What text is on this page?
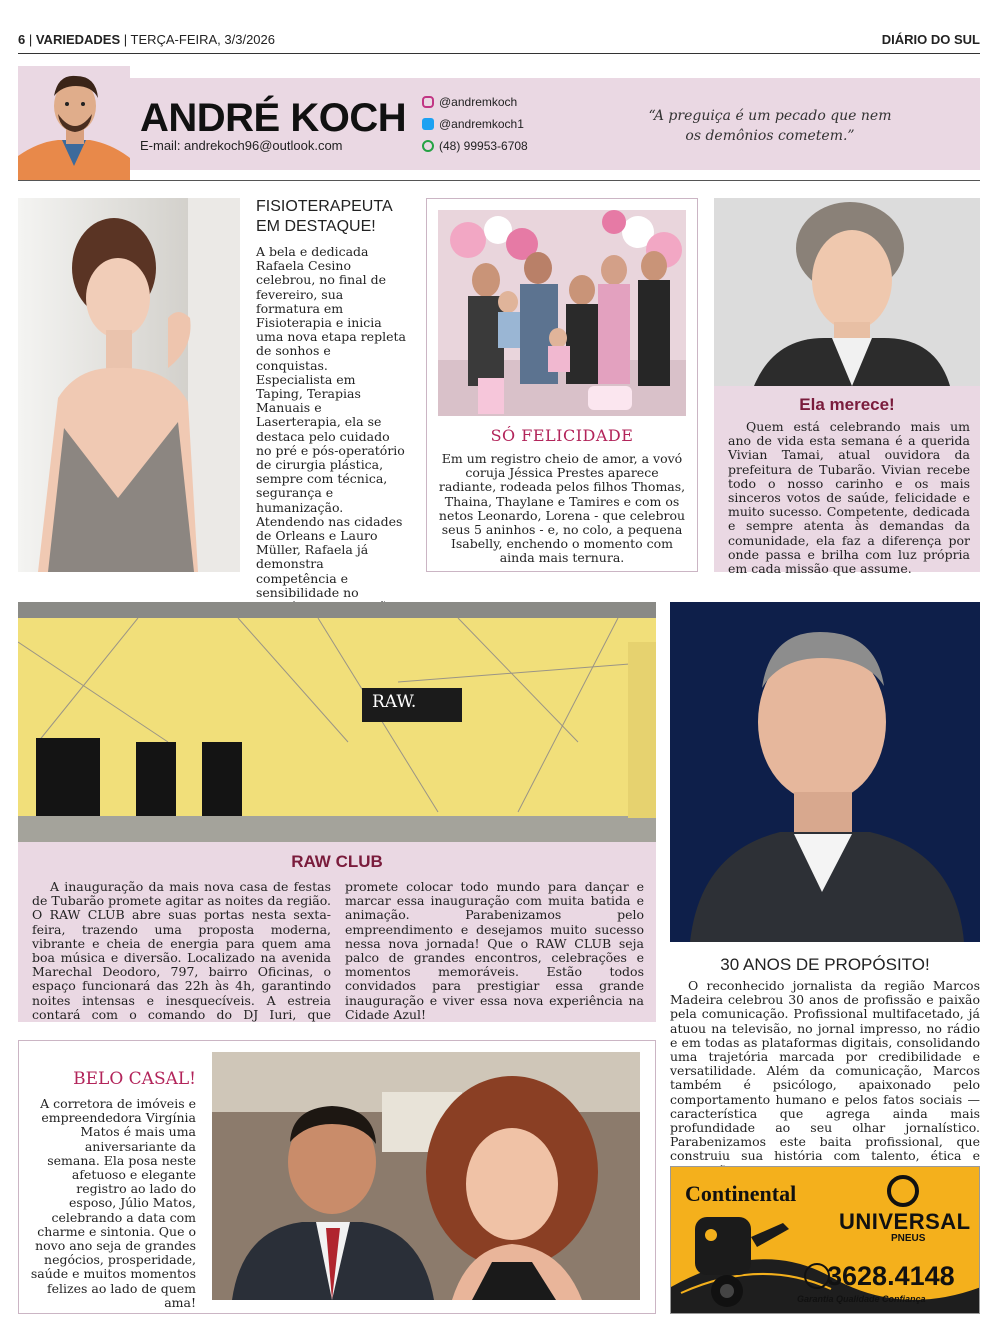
6 | VARIEDADES | TERÇA-FEIRA, 3/3/2026	DIÁRIO DO SUL
ANDRÉ KOCH
E-mail: andrekoch96@outlook.com
@andremkoch
@andremkoch1
(48) 99953-6708
“A preguiça é um pecado que nem os demônios cometem.”
FISIOTERAPEUTA EM DESTAQUE!
A bela e dedicada Rafaela Cesino celebrou, no final de fevereiro, sua formatura em Fisioterapia e inicia uma nova etapa repleta de sonhos e conquistas. Especialista em Taping, Terapias Manuais e Laserterapia, ela se destaca pelo cuidado no pré e pós-operatório de cirurgia plástica, sempre com técnica, segurança e humanização. Atendendo nas cidades de Orleans e Lauro Müller, Rafaela já demonstra competência e sensibilidade no
SÓ FELICIDADE
Em um registro cheio de amor, a vovó coruja Jéssica Prestes aparece radiante, rodeada pelos filhos Thomas, Thaina, Thaylane e Tamires e com os netos Leonardo, Lorena - que celebrou seus 5 aninhos - e, no colo, a pequena Isabelly, enchendo o momento com ainda mais ternura.
Ela merece!
Quem está celebrando mais um ano de vida esta semana é a querida Vivian Tamai, atual ouvidora da prefeitura de Tubarão. Vivian recebe todo o nosso carinho e os mais sinceros votos de saúde, felicidade e muito sucesso. Competente, dedicada e sempre atenta às demandas da comunidade, ela faz a diferença por onde passa e brilha com luz própria em cada missão que assume.
RAW.
RAW CLUB
A inauguração da mais nova casa de festas de Tubarão promete agitar as noites da região. O RAW CLUB abre suas portas nesta sexta-feira, trazendo uma proposta moderna, vibrante e cheia de energia para quem ama boa música e diversão. Localizado na avenida Marechal Deodoro, 797, bairro Oficinas, o espaço funcionará das 22h às 4h, garantindo noites intensas e inesquecíveis. A estreia contará com o comando do DJ Iuri, que promete colocar todo mundo para dançar e marcar essa inauguração com muita batida e animação. Parabenizamos pelo empreendimento e desejamos muito sucesso nessa nova jornada! Que o RAW CLUB seja palco de grandes encontros, celebrações e momentos memoráveis. Estão todos convidados para prestigiar essa grande inauguração e viver essa nova experiência na Cidade Azul!
30 ANOS DE PROPÓSITO!
O reconhecido jornalista da região Marcos Madeira celebrou 30 anos de profissão e paixão pela comunicação. Profissional multifacetado, já atuou na televisão, no jornal impresso, no rádio e em todas as plataformas digitais, consolidando uma trajetória marcada por credibilidade e versatilidade. Além da comunicação, Marcos também é psicólogo, apaixonado pelo comportamento humano e pelos fatos sociais — característica que agrega ainda mais profundidade ao seu olhar jornalístico. Parabenizamos este baita profissional, que construiu sua história com talento, ética e
BELO CASAL!
A corretora de imóveis e empreendedora Virgínia Matos é mais uma aniversariante da semana. Ela posa neste afetuoso e elegante registro ao lado do esposo, Júlio Matos, celebrando a data com charme e sintonia. Que o novo ano seja de grandes negócios, prosperidade, saúde e muitos momentos felizes ao lado de quem ama!
Continental
UNIVERSAL
PNEUS
3628.4148
Garantia Qualidade Confiança
